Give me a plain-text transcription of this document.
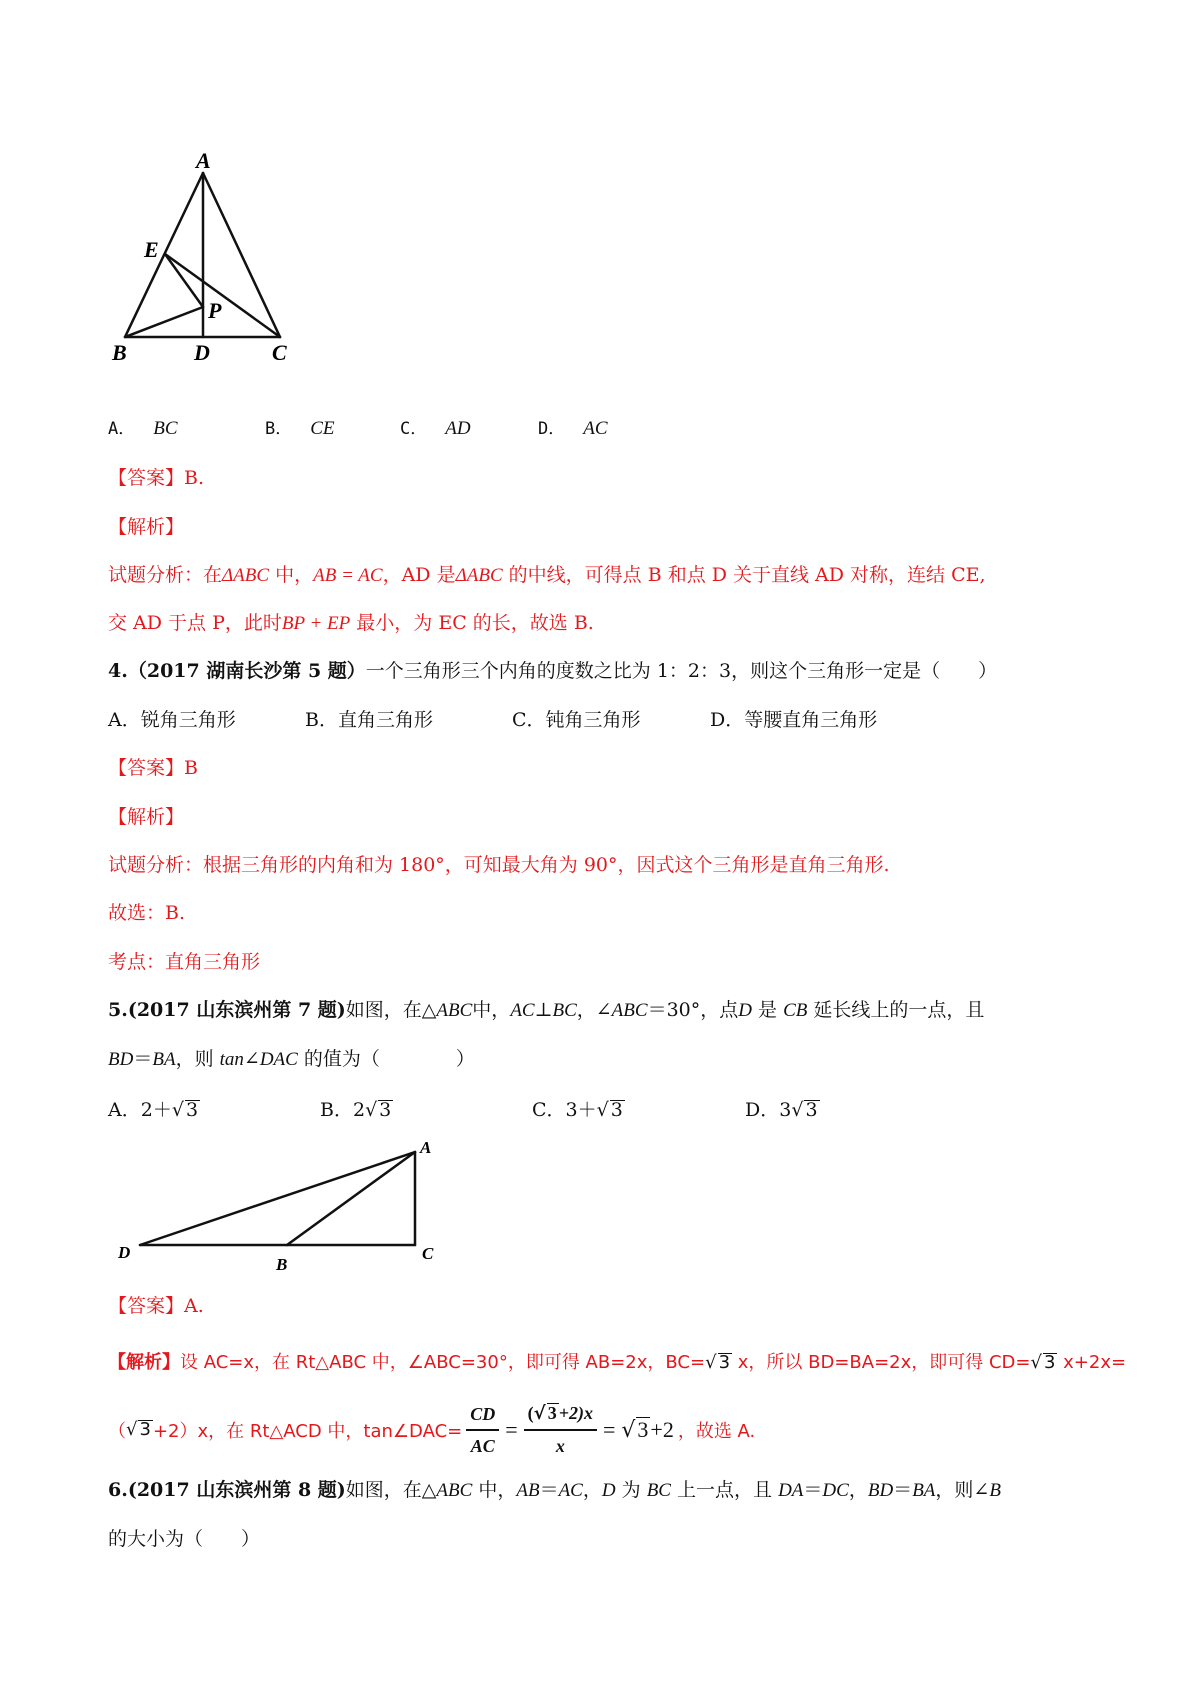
A
E
P
B	D	C
A． BC	B． CE	C． AD	D． AC
【答案】B.
【解析】
试题分析：在ΔABC 中，AB = AC，AD 是ΔABC 的中线，可得点 B 和点 D 关于直线 AD 对称，连结 CE,
交 AD 于点 P，此时BP + EP 最小，为 EC 的长，故选 B.
4.（2017 湖南长沙第 5 题）一个三角形三个内角的度数之比为 1：2：3，则这个三角形一定是（　　）
A．锐角三角形	B．直角三角形	C．钝角三角形	D．等腰直角三角形
【答案】B
【解析】
试题分析：根据三角形的内角和为 180°，可知最大角为 90°，因式这个三角形是直角三角形.
故选：B.
考点：直角三角形
5.(2017 山东滨州第 7 题)如图，在△ABC中，AC⊥BC，∠ABC＝30°，点D 是 CB 延长线上的一点，且
BD＝BA，则 tan∠DAC 的值为（　　　　）
A．2＋√ 3	B．2√ 3	C．3＋√ 3	D．3√ 3
A
D
B
C
【答案】A.
【解析】设 AC=x，在 Rt△ABC 中，∠ABC=30°，即可得 AB=2x，BC=√ 3 x，所以 BD=BA=2x，即可得 CD=√ 3 x+2x=
（ √ 3 +2）x，在 Rt△ACD 中，tan∠DAC= $\frac{CD}{AC} = \frac{(√ 3 +2)x}{x} = √3+2$ ，故选 A.
6.(2017 山东滨州第 8 题)如图，在△ABC 中，AB＝AC，D 为 BC 上一点，且 DA＝DC，BD＝BA，则∠B
的大小为（　　）
